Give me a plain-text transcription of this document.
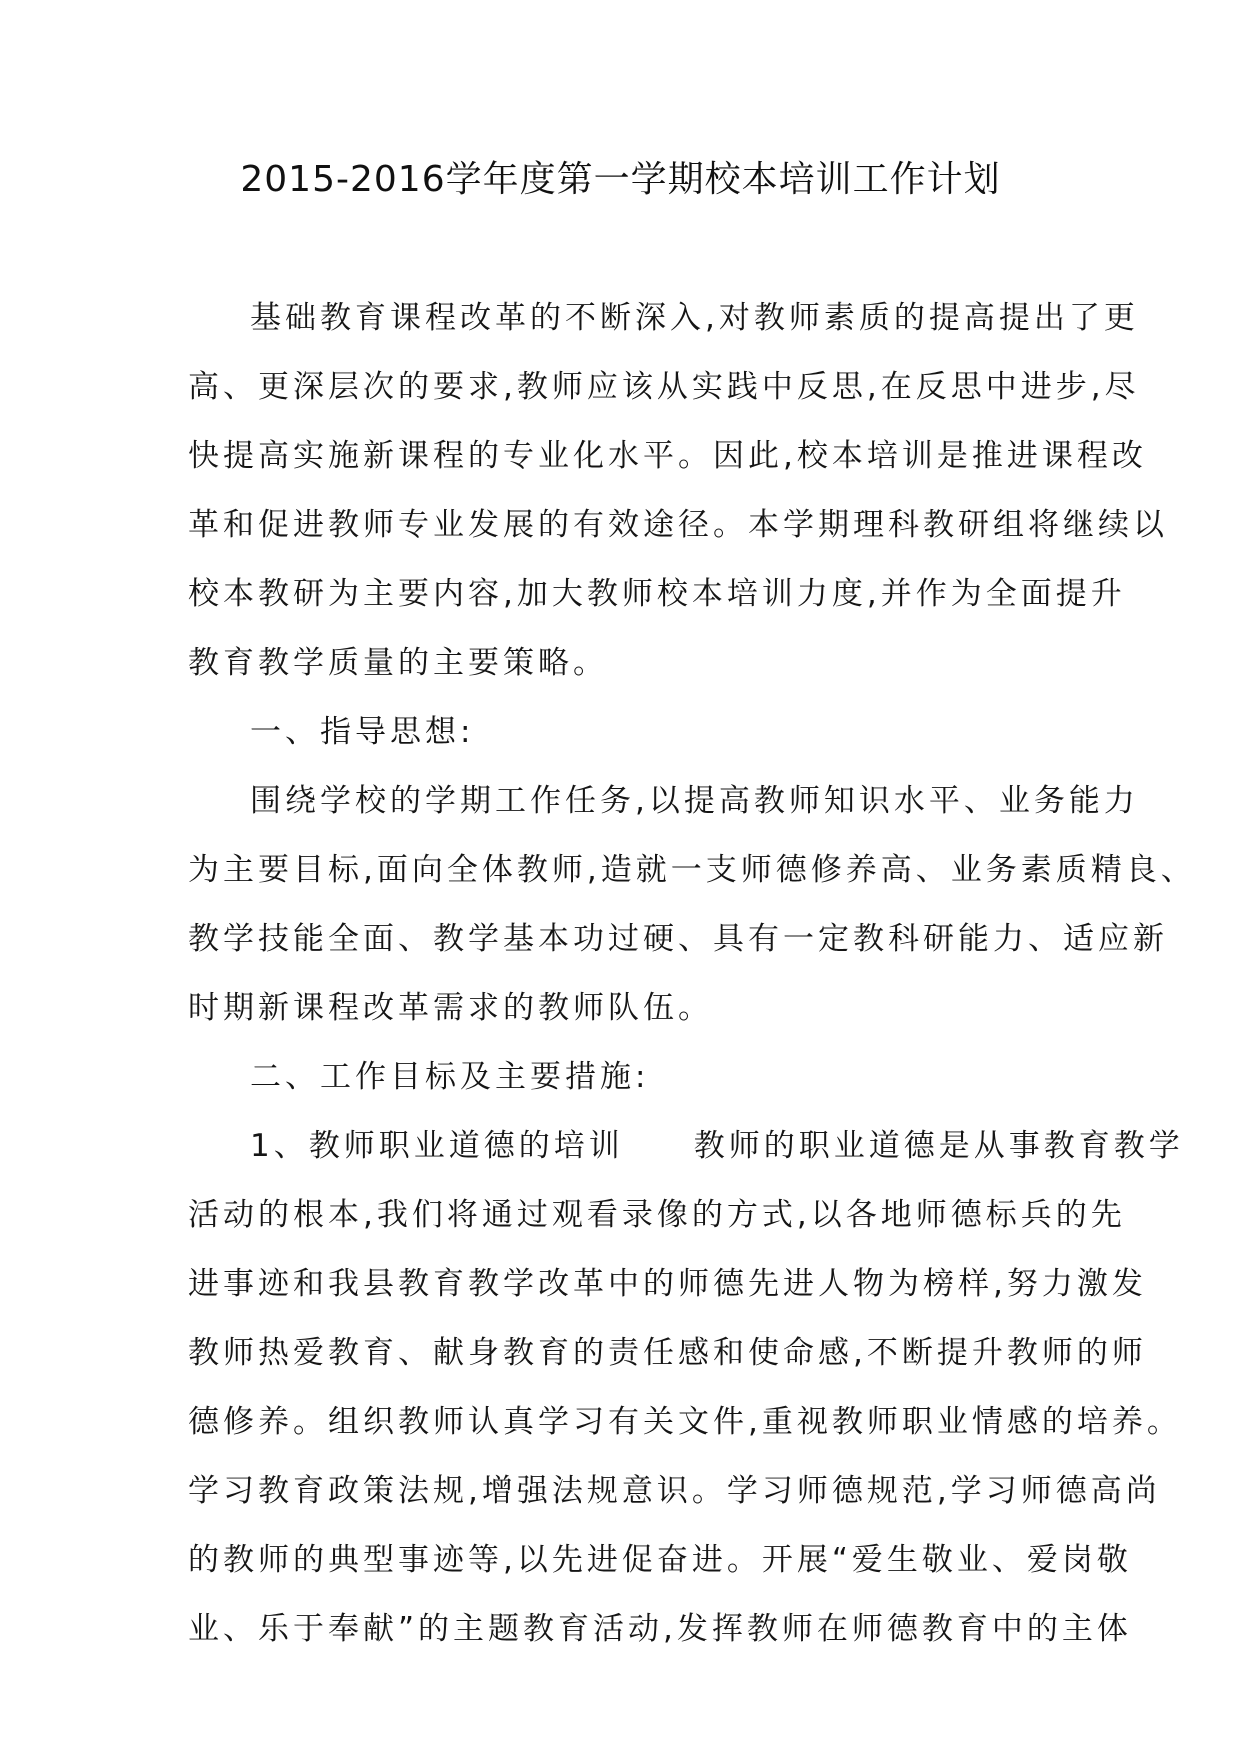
2015-2016学年度第一学期校本培训工作计划
基础教育课程改革的不断深入,对教师素质的提高提出了更
高、更深层次的要求,教师应该从实践中反思,在反思中进步,尽
快提高实施新课程的专业化水平。因此,校本培训是推进课程改
革和促进教师专业发展的有效途径。本学期理科教研组将继续以
校本教研为主要内容,加大教师校本培训力度,并作为全面提升
教育教学质量的主要策略。
一、指导思想:
围绕学校的学期工作任务,以提高教师知识水平、业务能力
为主要目标,面向全体教师,造就一支师德修养高、业务素质精良、
教学技能全面、教学基本功过硬、具有一定教科研能力、适应新
时期新课程改革需求的教师队伍。
二、工作目标及主要措施:
1、教师职业道德的培训　　教师的职业道德是从事教育教学
活动的根本,我们将通过观看录像的方式,以各地师德标兵的先
进事迹和我县教育教学改革中的师德先进人物为榜样,努力激发
教师热爱教育、献身教育的责任感和使命感,不断提升教师的师
德修养。组织教师认真学习有关文件,重视教师职业情感的培养。
学习教育政策法规,增强法规意识。学习师德规范,学习师德高尚
的教师的典型事迹等,以先进促奋进。开展“爱生敬业、爱岗敬
业、乐于奉献”的主题教育活动,发挥教师在师德教育中的主体
